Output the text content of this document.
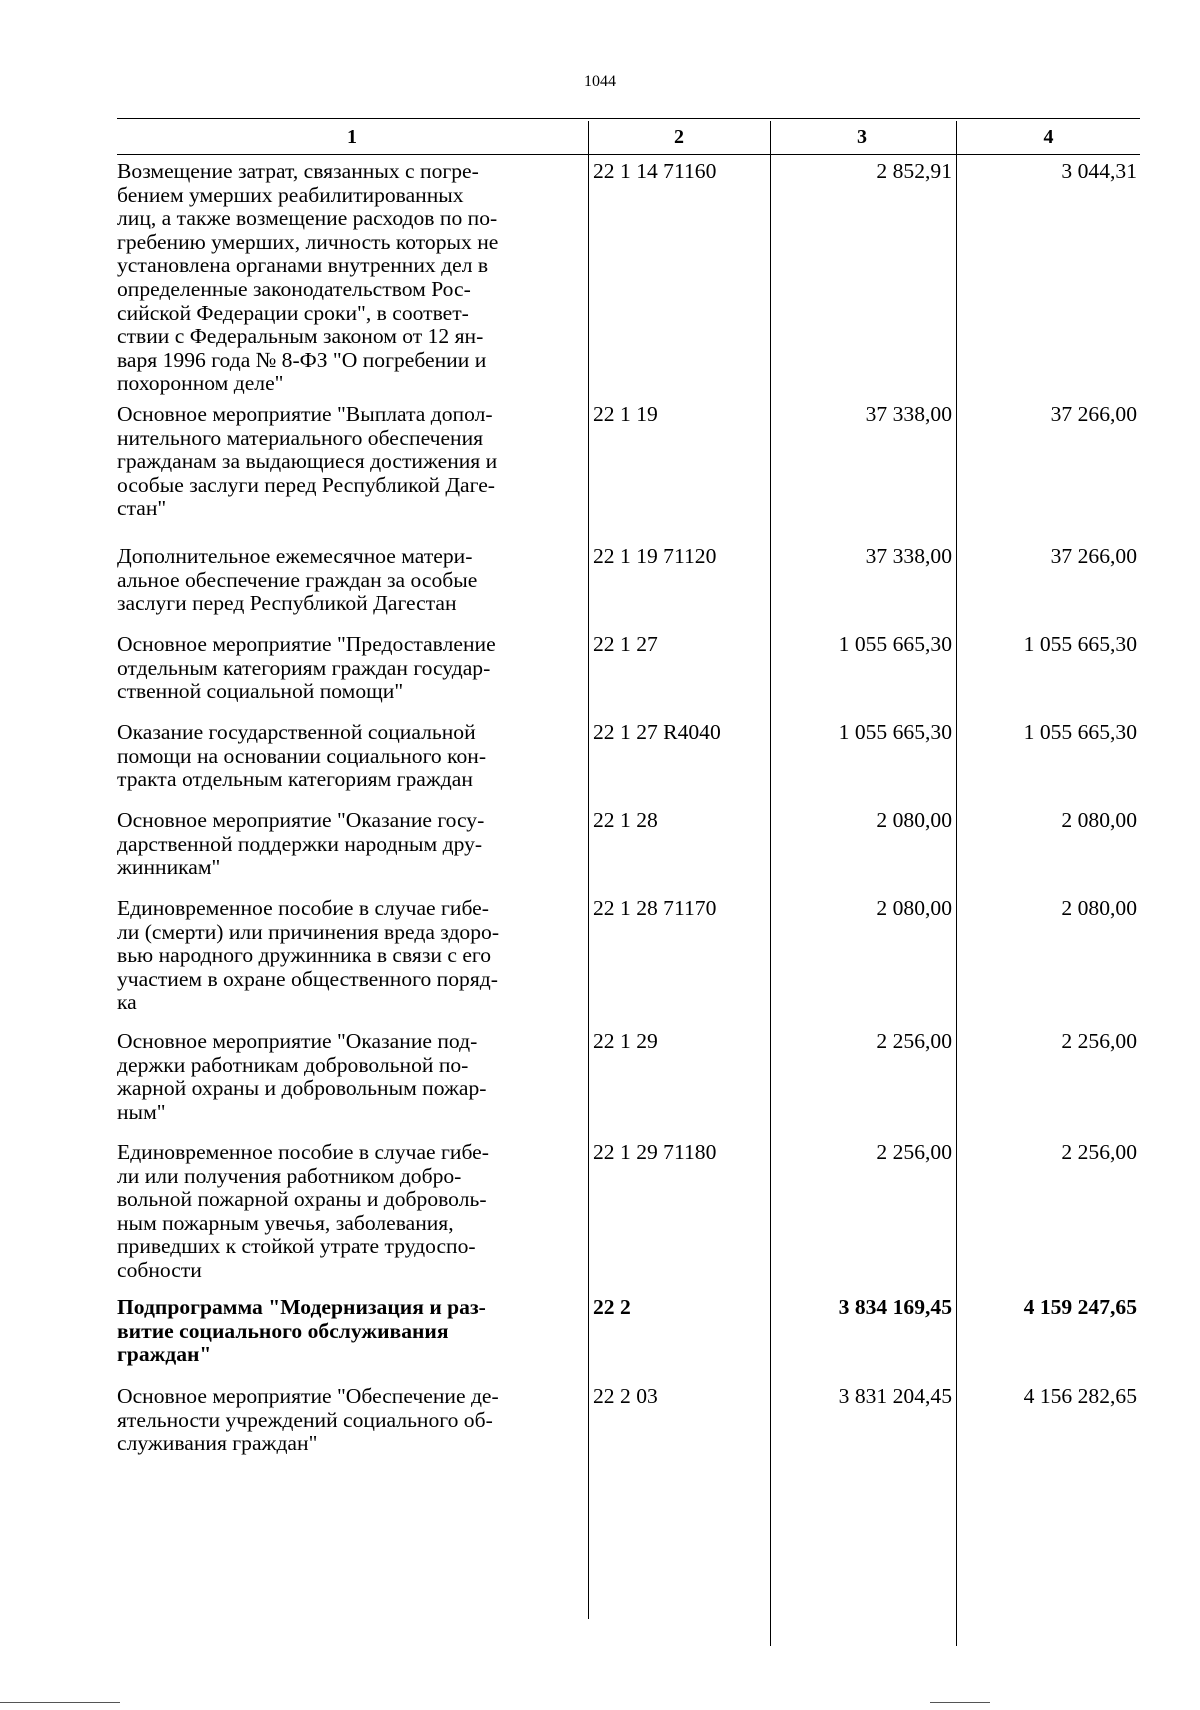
1044
1	2	3	4
Возмещение затрат, связанных с погре-
бением умерших реабилитированных
лиц, а также возмещение расходов по по-
гребению умерших, личность которых не
установлена органами внутренних дел в
определенные законодательством Рос-
сийской Федерации сроки", в соответ-
ствии с Федеральным законом от 12 ян-
варя 1996 года № 8-ФЗ "О погребении и
похоронном деле"
22 1 14 71160	2 852,91	3 044,31
Основное мероприятие "Выплата допол-
нительного материального обеспечения
гражданам за выдающиеся достижения и
особые заслуги перед Республикой Даге-
стан"
22 1 19	37 338,00	37 266,00
Дополнительное ежемесячное матери-
альное обеспечение граждан за особые
заслуги перед Республикой Дагестан
22 1 19 71120	37 338,00	37 266,00
Основное мероприятие "Предоставление
отдельным категориям граждан государ-
ственной социальной помощи"
22 1 27	1 055 665,30	1 055 665,30
Оказание государственной социальной
помощи на основании социального кон-
тракта отдельным категориям граждан
22 1 27 R4040	1 055 665,30	1 055 665,30
Основное мероприятие "Оказание госу-
дарственной поддержки народным дру-
жинникам"
22 1 28	2 080,00	2 080,00
Единовременное пособие в случае гибе-
ли (смерти) или причинения вреда здоро-
вью народного дружинника в связи с его
участием в охране общественного поряд-
ка
22 1 28 71170	2 080,00	2 080,00
Основное мероприятие "Оказание под-
держки работникам добровольной по-
жарной охраны и добровольным пожар-
ным"
22 1 29	2 256,00	2 256,00
Единовременное пособие в случае гибе-
ли или получения работником добро-
вольной пожарной охраны и доброволь-
ным пожарным увечья, заболевания,
приведших к стойкой утрате трудоспо-
собности
22 1 29 71180	2 256,00	2 256,00
Подпрограмма "Модернизация и раз-
витие социального обслуживания
граждан"
22 2	3 834 169,45	4 159 247,65
Основное мероприятие "Обеспечение де-
ятельности учреждений социального об-
служивания граждан"
22 2 03	3 831 204,45	4 156 282,65
